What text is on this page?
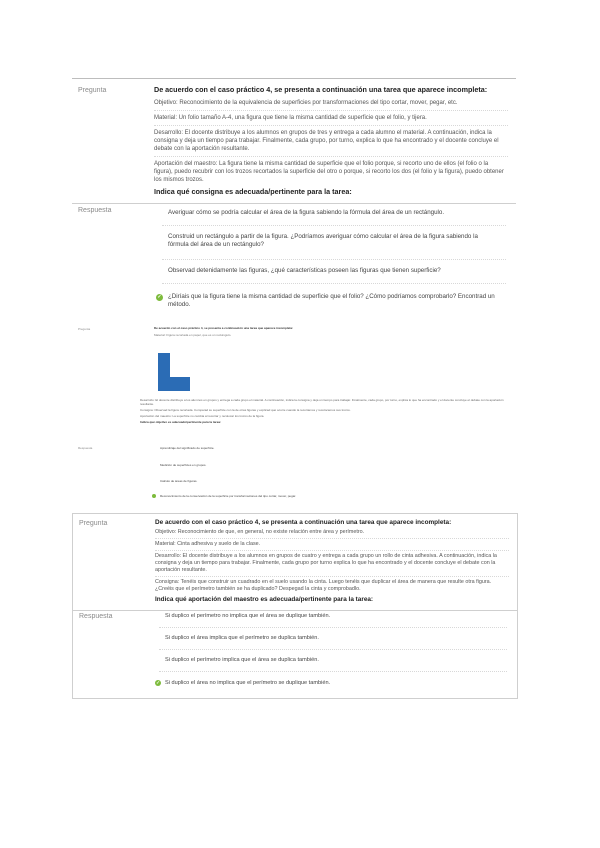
Pregunta	De acuerdo con el caso práctico 4, se presenta a continuación una tarea que aparece incompleta:
Objetivo: Reconocimiento de la equivalencia de superficies por transformaciones del tipo cortar, mover, pegar, etc.
Material: Un folio tamaño A-4, una figura que tiene la misma cantidad de superficie que el folio, y tijera.
Desarrollo: El docente distribuye a los alumnos en grupos de tres y entrega a cada alumno el material. A continuación, indica la consigna y deja un tiempo para trabajar. Finalmente, cada grupo, por turno, explica lo que ha encontrado y el docente concluye el debate con la aportación resultante.
Aportación del maestro: La figura tiene la misma cantidad de superficie que el folio porque, si recorto uno de ellos (el folio o la figura), puedo recubrir con los trozos recortados la superficie del otro o porque, si recorto los dos (el folio y la figura), puedo obtener los mismos trozos.
Indica qué consigna es adecuada/pertinente para la tarea:
Respuesta	Averiguar cómo se podría calcular el área de la figura sabiendo la fórmula del área de un rectángulo.
Construid un rectángulo a partir de la figura. ¿Podríamos averiguar cómo calcular el área de la figura sabiendo la fórmula del área de un rectángulo?
Observad detenidamente las figuras, ¿qué características poseen las figuras que tienen superficie?
✓ ¿Diríais que la figura tiene la misma cantidad de superficie que el folio? ¿Cómo podríamos comprobarlo? Encontrad un método.
Pregunta	De acuerdo con el caso práctico 4, se presenta a continuación una tarea que aparece incompleta:
Material: Figura recortada en papel, que es un rectángulo.
Desarrollo: El docente distribuye a los alumnos en grupos y entrega a cada grupo el material. A continuación, indica la consigna y deja un tiempo para trabajar. Finalmente, cada grupo, por turno, explica lo que ha encontrado y el docente concluye el debate con la aportación resultante.
Consigna: Observad la figura recortada. Comparad su superficie con la de otras figuras y explicad qué ocurre cuando la recortamos y recolocamos sus trozos.
Aportación del maestro: La superficie no cambia al recortar y recolocar los trozos de la figura.
Indica qué objetivo es adecuado/pertinente para la tarea:
Respuesta	Aprendizaje del significado de superficie.
Medición de superficies en grupos.
Cálculo de áreas de figuras.
Reconocimiento de la conservación de la superficie por transformaciones del tipo cortar, mover, pegar.
Pregunta	De acuerdo con el caso práctico 4, se presenta a continuación una tarea que aparece incompleta:
Objetivo: Reconocimiento de que, en general, no existe relación entre área y perímetro.
Material: Cinta adhesiva y suelo de la clase.
Desarrollo: El docente distribuye a los alumnos en grupos de cuatro y entrega a cada grupo un rollo de cinta adhesiva. A continuación, indica la consigna y deja un tiempo para trabajar. Finalmente, cada grupo por turno explica lo que ha encontrado y el docente concluye el debate con la aportación resultante.
Consigna: Tenéis que construir un cuadrado en el suelo usando la cinta. Luego tenéis que duplicar el área de manera que resulte otra figura. ¿Creéis que el perímetro también se ha duplicado? Despegad la cinta y comprobadlo.
Indica qué aportación del maestro es adecuada/pertinente para la tarea:
Respuesta	Si duplico el perímetro no implica que el área se duplique también.
Si duplico el área implica que el perímetro se duplica también.
Si duplico el perímetro implica que el área se duplica también.
✓ Si duplico el área no implica que el perímetro se duplique también.
